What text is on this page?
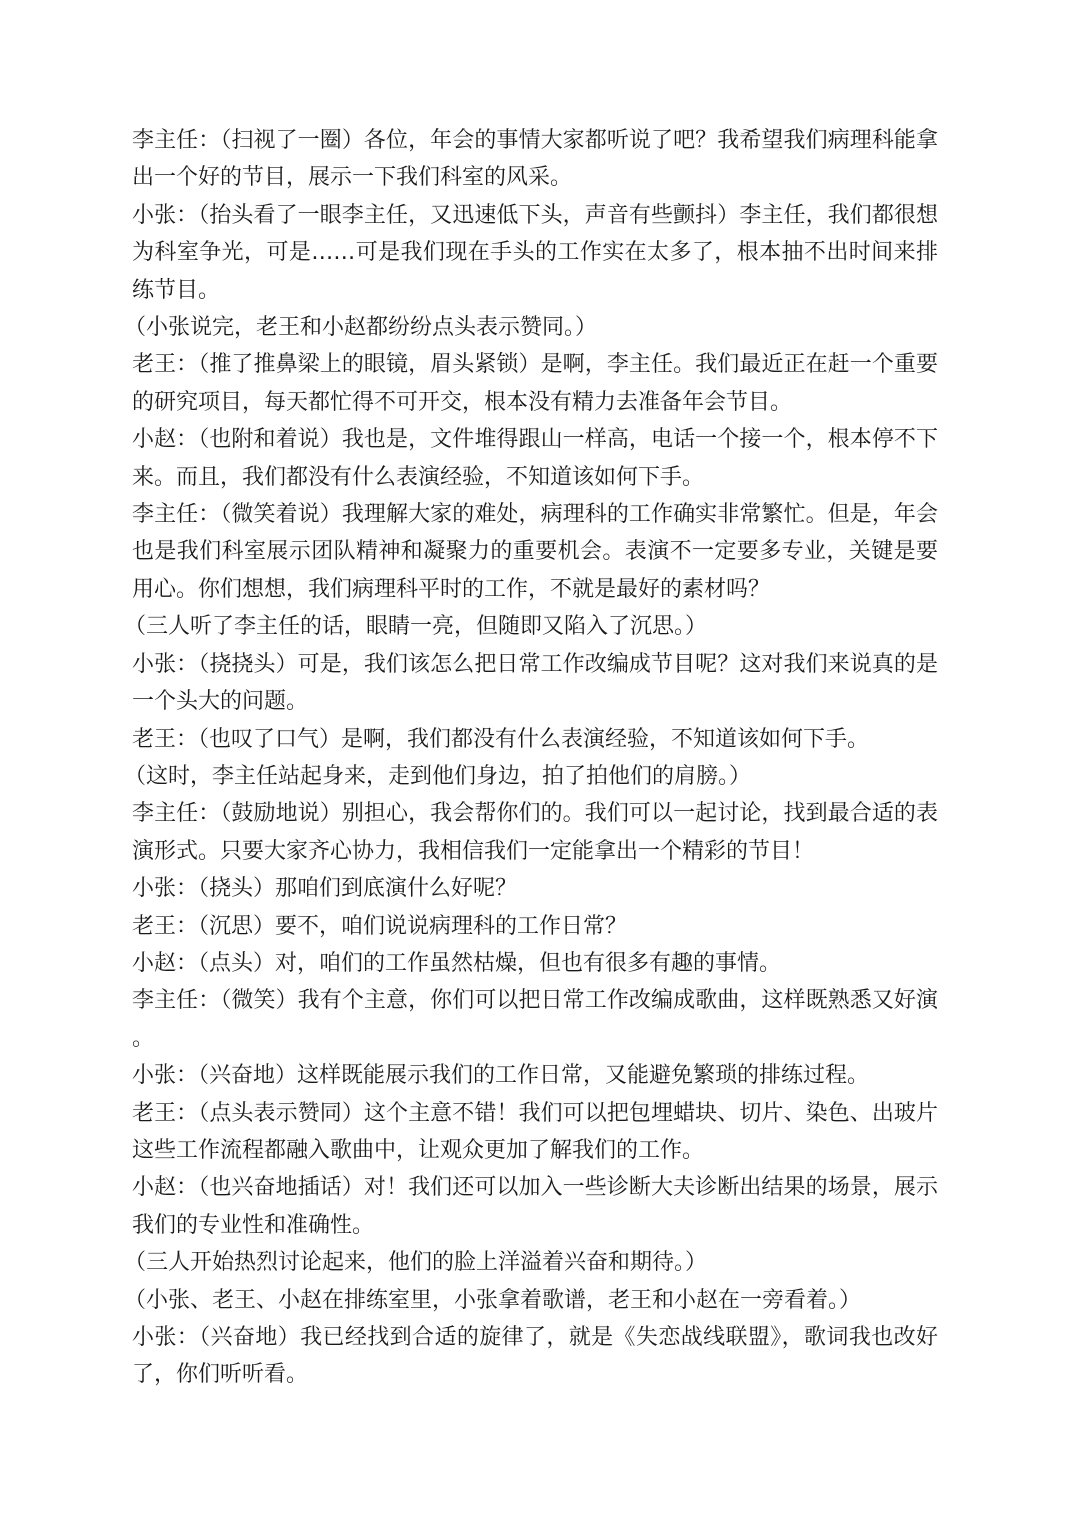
李主任：（扫视了一圈）各位，年会的事情大家都听说了吧？我希望我们病理科能拿出一个好的节目，展示一下我们科室的风采。

小张：（抬头看了一眼李主任，又迅速低下头，声音有些颤抖）李主任，我们都很想为科室争光，可是……可是我们现在手头的工作实在太多了，根本抽不出时间来排练节目。

（小张说完，老王和小赵都纷纷点头表示赞同。）

老王：（推了推鼻梁上的眼镜，眉头紧锁）是啊，李主任。我们最近正在赶一个重要的研究项目，每天都忙得不可开交，根本没有精力去准备年会节目。

小赵：（也附和着说）我也是，文件堆得跟山一样高，电话一个接一个，根本停不下来。而且，我们都没有什么表演经验，不知道该如何下手。

李主任：（微笑着说）我理解大家的难处，病理科的工作确实非常繁忙。但是，年会也是我们科室展示团队精神和凝聚力的重要机会。表演不一定要多专业，关键是要用心。你们想想，我们病理科平时的工作，不就是最好的素材吗？

（三人听了李主任的话，眼睛一亮，但随即又陷入了沉思。）

小张：（挠挠头）可是，我们该怎么把日常工作改编成节目呢？这对我们来说真的是一个头大的问题。

老王：（也叹了口气）是啊，我们都没有什么表演经验，不知道该如何下手。

（这时，李主任站起身来，走到他们身边，拍了拍他们的肩膀。）

李主任：（鼓励地说）别担心，我会帮你们的。我们可以一起讨论，找到最合适的表演形式。只要大家齐心协力，我相信我们一定能拿出一个精彩的节目！

小张：（挠头）那咱们到底演什么好呢？

老王：（沉思）要不，咱们说说病理科的工作日常？

小赵：（点头）对，咱们的工作虽然枯燥，但也有很多有趣的事情。

李主任：（微笑）我有个主意，你们可以把日常工作改编成歌曲，这样既熟悉又好演。

小张：（兴奋地）这样既能展示我们的工作日常，又能避免繁琐的排练过程。

老王：（点头表示赞同）这个主意不错！我们可以把包埋蜡块、切片、染色、出玻片这些工作流程都融入歌曲中，让观众更加了解我们的工作。

小赵：（也兴奋地插话）对！我们还可以加入一些诊断大夫诊断出结果的场景，展示我们的专业性和准确性。

（三人开始热烈讨论起来，他们的脸上洋溢着兴奋和期待。）

（小张、老王、小赵在排练室里，小张拿着歌谱，老王和小赵在一旁看着。）

小张：（兴奋地）我已经找到合适的旋律了，就是《失恋战线联盟》，歌词我也改好了，你们听听看。
